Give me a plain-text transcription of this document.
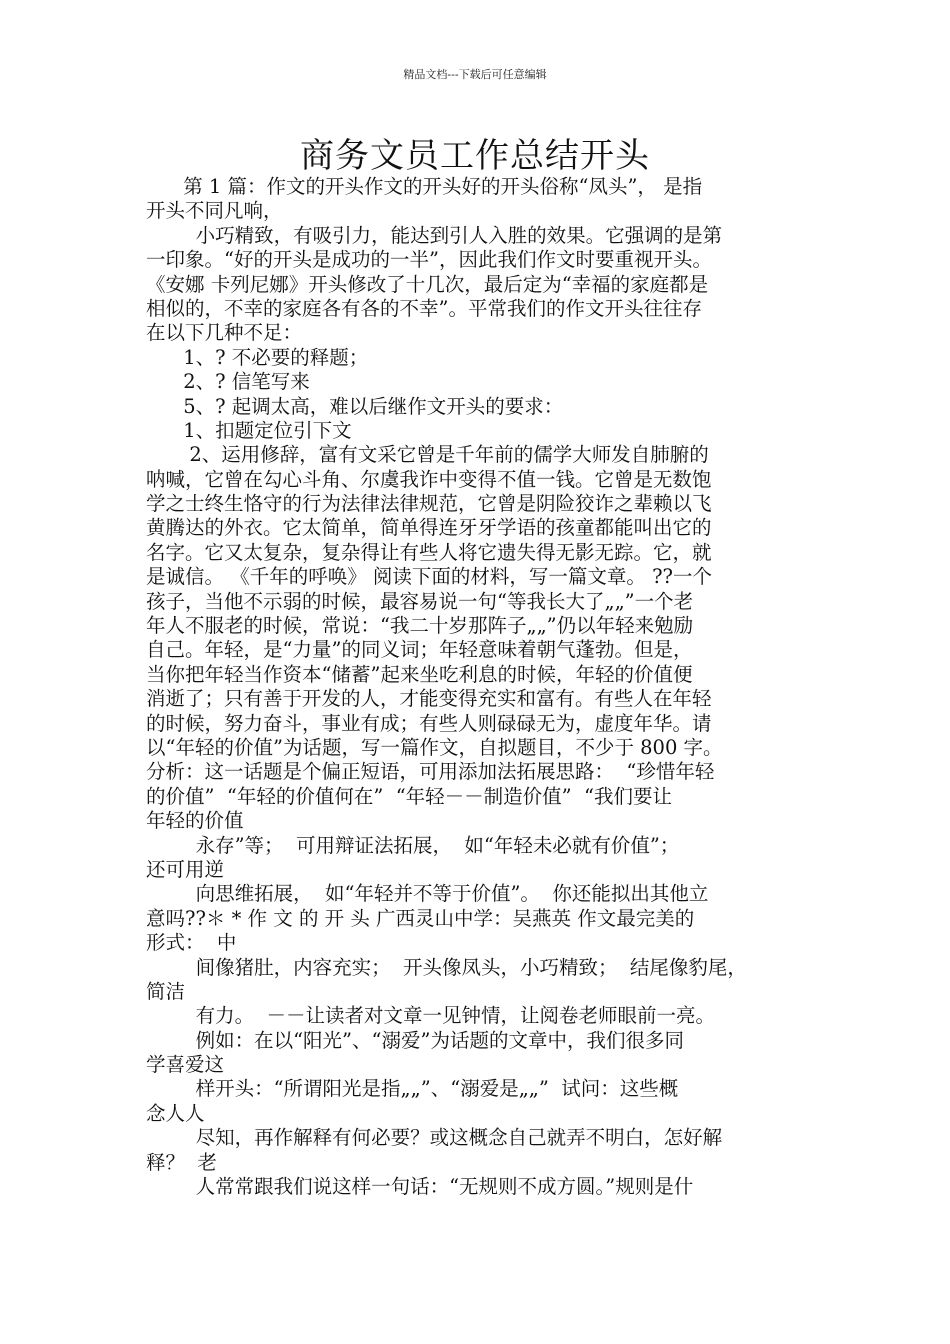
精品文档---下载后可任意编辑
商务文员工作总结开头
第 1 篇：作文的开头作文的开头好的开头俗称“凤头”， 是指
开头不同凡响，
小巧精致，有吸引力，能达到引人入胜的效果。它强调的是第
一印象。“好的开头是成功的一半”，因此我们作文时要重视开头。
《安娜 卡列尼娜》开头修改了十几次，最后定为“幸福的家庭都是
相似的，不幸的家庭各有各的不幸”。平常我们的作文开头往往存
在以下几种不足：
1、? 不必要的释题；
2、? 信笔写来
5、? 起调太高，难以后继作文开头的要求：
1、扣题定位引下文
2、运用修辞，富有文采它曾是千年前的儒学大师发自肺腑的
呐喊，它曾在勾心斗角、尔虞我诈中变得不值一钱。它曾是无数饱
学之士终生恪守的行为法律法律规范，它曾是阴险狡诈之辈赖以飞
黄腾达的外衣。它太简单，简单得连牙牙学语的孩童都能叫出它的
名字。它又太复杂，复杂得让有些人将它遗失得无影无踪。它，就
是诚信。 《千年的呼唤》 阅读下面的材料，写一篇文章。 ??一个
孩子，当他不示弱的时候，最容易说一句“等我长大了„„”一个老
年人不服老的时候，常说：“我二十岁那阵子„„”仍以年轻来勉励
自己。年轻，是“力量”的同义词；年轻意味着朝气蓬勃。但是，
当你把年轻当作资本“储蓄”起来坐吃利息的时候，年轻的价值便
消逝了；只有善于开发的人，才能变得充实和富有。有些人在年轻
的时候，努力奋斗，事业有成；有些人则碌碌无为，虚度年华。请
以“年轻的价值”为话题，写一篇作文，自拟题目，不少于 800 字。
分析：这一话题是个偏正短语，可用添加法拓展思路：  “珍惜年轻
的价值”  “年轻的价值何在”  “年轻－－制造价值”  “我们要让
年轻的价值
永存”等；  可用辩证法拓展，  如“年轻未必就有价值”；
还可用逆
向思维拓展，  如“年轻并不等于价值”。  你还能拟出其他立
意吗??＊ * 作 文 的 开 头 广西灵山中学：吴燕英 作文最完美的
形式：  中
间像猪肚，内容充实；  开头像凤头，小巧精致；  结尾像豹尾，
简洁
有力。  －－让读者对文章一见钟情，让阅卷老师眼前一亮。
例如：在以“阳光”、“溺爱”为话题的文章中，我们很多同
学喜爱这
样开头：“所谓阳光是指„„”、“溺爱是„„”  试问：这些概
念人人
尽知，再作解释有何必要？或这概念自己就弄不明白，怎好解
释？  老
人常常跟我们说这样一句话：“无规则不成方圆。”规则是什
